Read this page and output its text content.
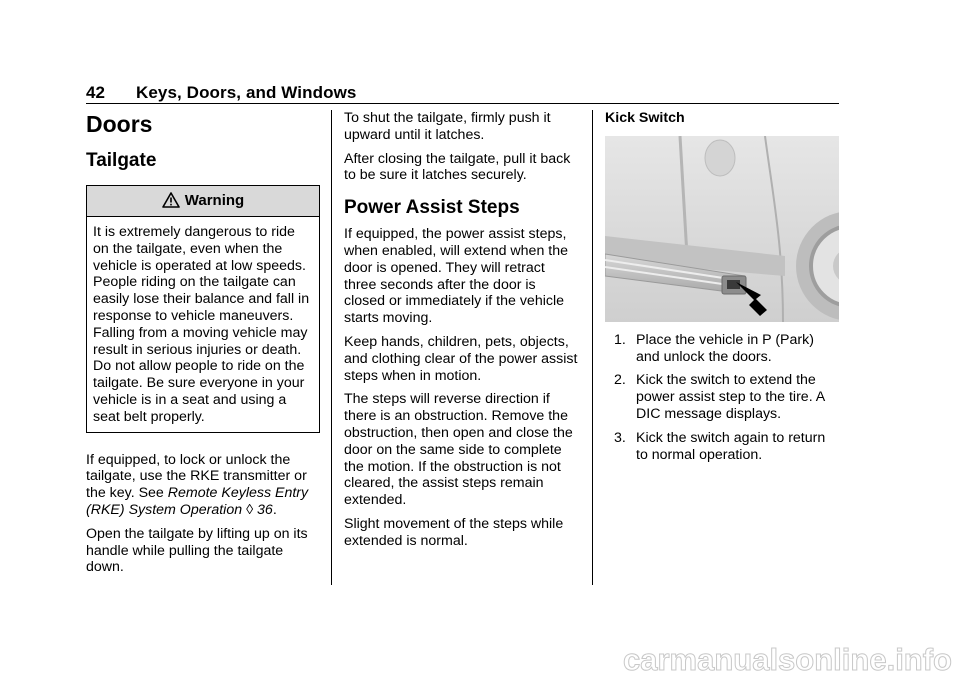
42 Keys, Doors, and Windows
Doors
Tailgate
Warning
It is extremely dangerous to ride on the tailgate, even when the vehicle is operated at low speeds. People riding on the tailgate can easily lose their balance and fall in response to vehicle maneuvers. Falling from a moving vehicle may result in serious injuries or death. Do not allow people to ride on the tailgate. Be sure everyone in your vehicle is in a seat and using a seat belt properly.

If equipped, to lock or unlock the tailgate, use the RKE transmitter or the key. See Remote Keyless Entry (RKE) System Operation ◊ 36.

Open the tailgate by lifting up on its handle while pulling the tailgate down.

To shut the tailgate, firmly push it upward until it latches.

After closing the tailgate, pull it back to be sure it latches securely.

Power Assist Steps

If equipped, the power assist steps, when enabled, will extend when the door is opened. They will retract three seconds after the door is closed or immediately if the vehicle starts moving.

Keep hands, children, pets, objects, and clothing clear of the power assist steps when in motion.

The steps will reverse direction if there is an obstruction. Remove the obstruction, then open and close the door on the same side to complete the motion. If the obstruction is not cleared, the assist steps remain extended.

Slight movement of the steps while extended is normal.

Kick Switch
1. Place the vehicle in P (Park) and unlock the doors.
2. Kick the switch to extend the power assist step to the tire. A DIC message displays.
3. Kick the switch again to return to normal operation.
carmanualsonline.info
